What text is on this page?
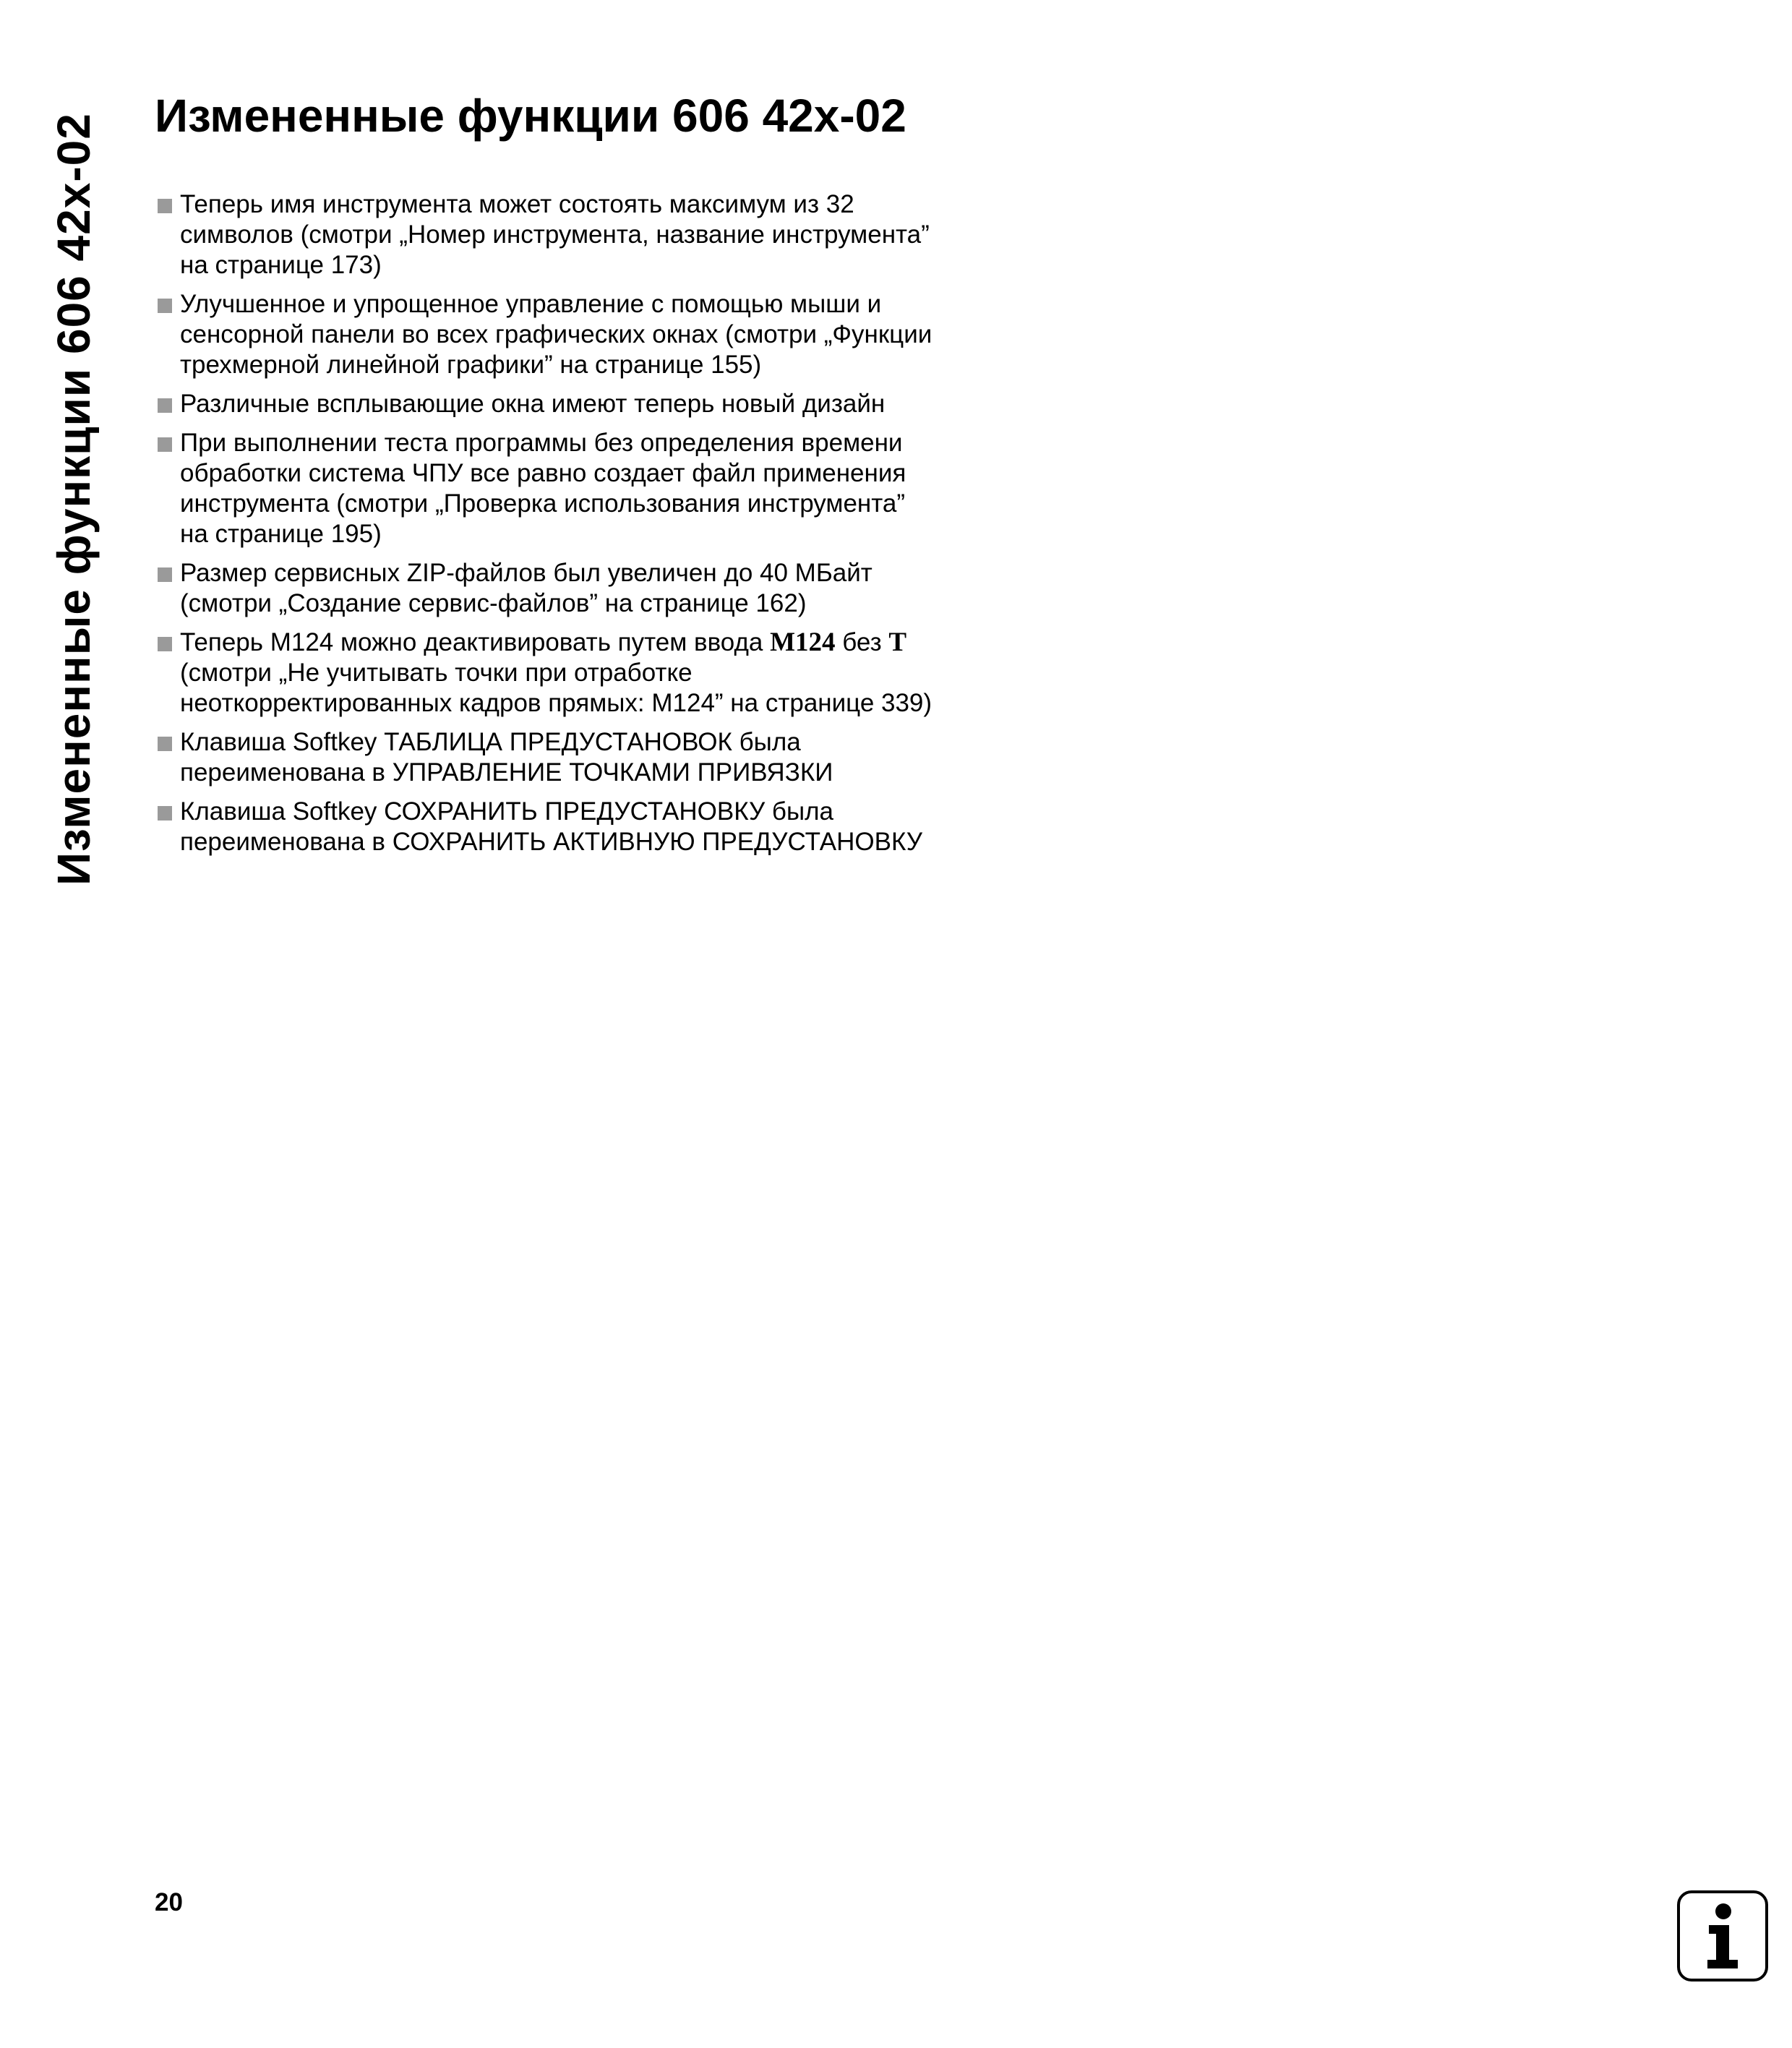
Измененные функции 606 42x-02 Измененные функции 606 42x-02
Теперь имя инструмента может состоять максимум из 32
символов (смотри „Номер инструмента, название инструмента”
на странице 173)
Улучшенное и упрощенное управление с помощью мыши и
сенсорной панели во всех графических окнах (смотри „Функции
трехмерной линейной графики” на странице 155)
Различные всплывающие окна имеют теперь новый дизайн
При выполнении теста программы без определения времени
обработки система ЧПУ все равно создает файл применения
инструмента (смотри „Проверка использования инструмента”
на странице 195)
Размер сервисных ZIP-файлов был увеличен до 40 МБайт
(смотри „Создание сервис-файлов” на странице 162)
Теперь M124 можно деактивировать путем ввода M124 без T
(смотри „Не учитывать точки при отработке
неоткорректированных кадров прямых: M124” на странице 339)
Клавиша Softkey ТАБЛИЦА ПРЕДУСТАНОВОК была
переименована в УПРАВЛЕНИЕ ТОЧКАМИ ПРИВЯЗКИ
Клавиша Softkey СОХРАНИТЬ ПРЕДУСТАНОВКУ была
переименована в СОХРАНИТЬ АКТИВНУЮ ПРЕДУСТАНОВКУ
20
